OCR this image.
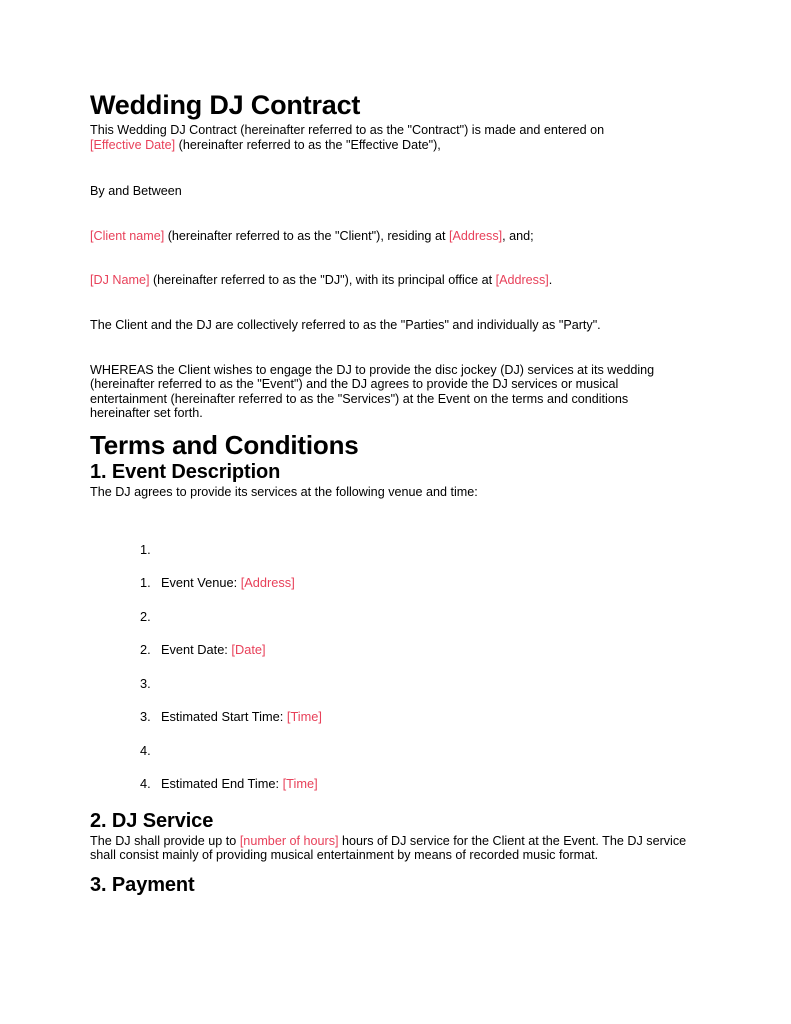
Wedding DJ Contract

This Wedding DJ Contract (hereinafter referred to as the "Contract") is made and entered on [Effective Date] (hereinafter referred to as the "Effective Date"),

By and Between

[Client name] (hereinafter referred to as the "Client"), residing at [Address], and;

[DJ Name] (hereinafter referred to as the "DJ"), with its principal office at [Address].

The Client and the DJ are collectively referred to as the "Parties" and individually as "Party".

WHEREAS the Client wishes to engage the DJ to provide the disc jockey (DJ) services at its wedding (hereinafter referred to as the "Event") and the DJ agrees to provide the DJ services or musical entertainment (hereinafter referred to as the "Services") at the Event on the terms and conditions hereinafter set forth.

Terms and Conditions
1. Event Description

The DJ agrees to provide its services at the following venue and time:

1.
1. Event Venue: [Address]
2.
2. Event Date: [Date]
3.
3. Estimated Start Time: [Time]
4.
4. Estimated End Time: [Time]
2. DJ Service

The DJ shall provide up to [number of hours] hours of DJ service for the Client at the Event. The DJ service shall consist mainly of providing musical entertainment by means of recorded music format.

3. Payment
